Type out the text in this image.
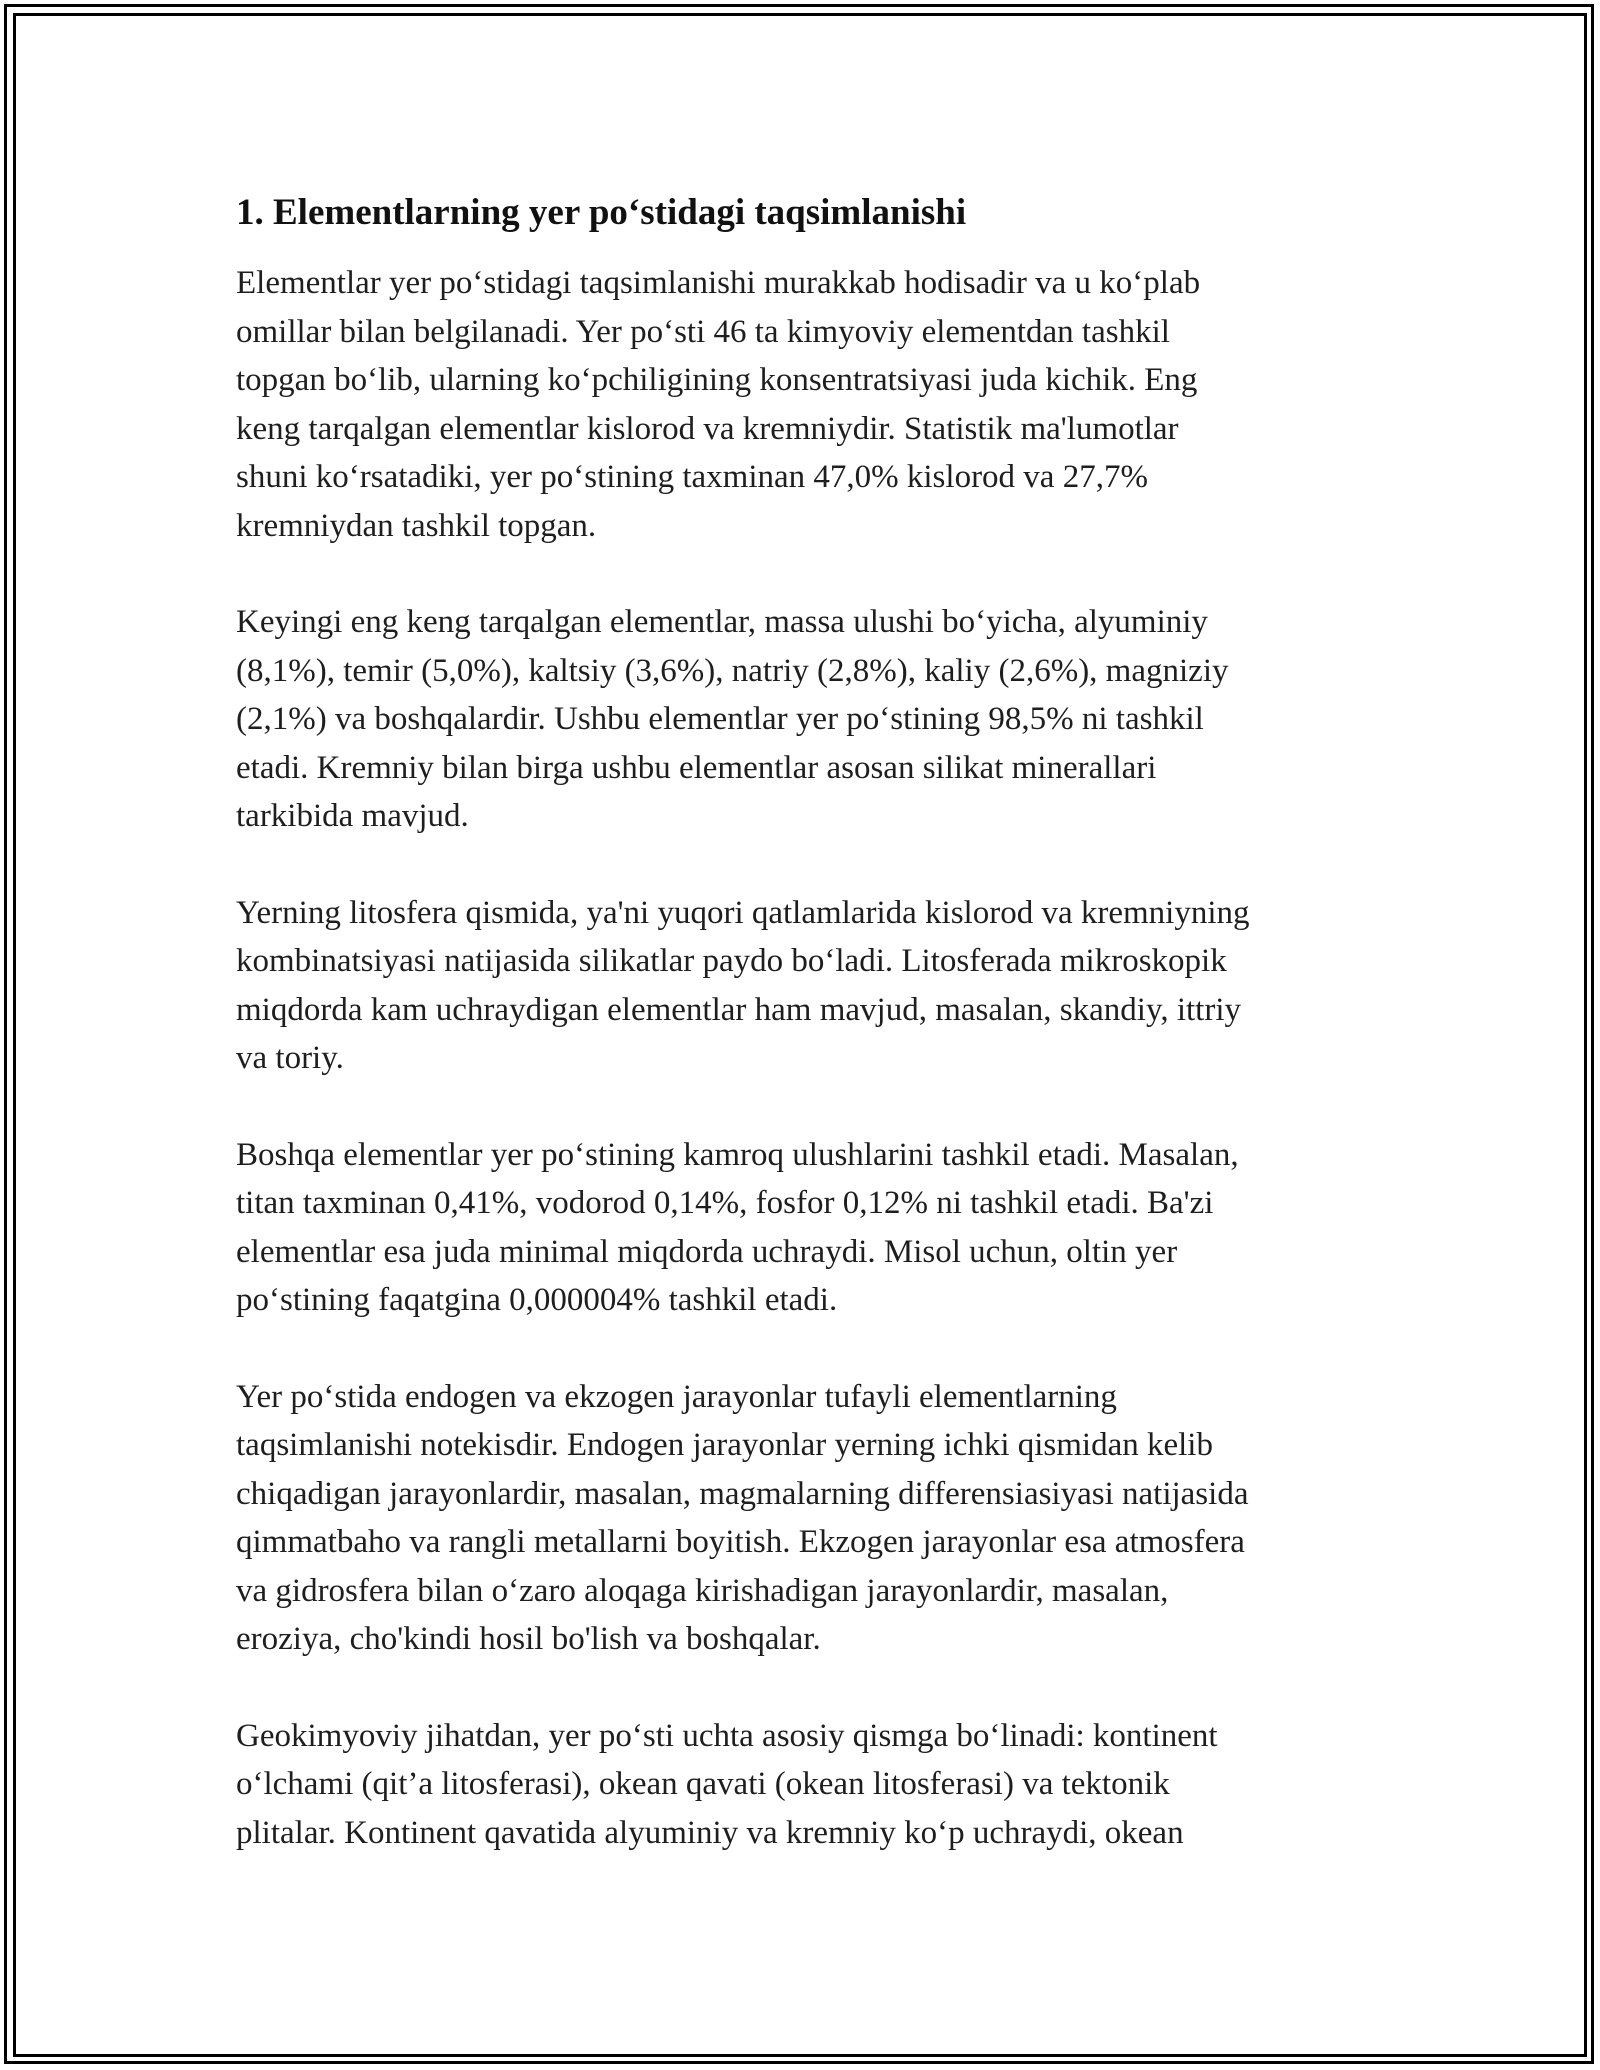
1. Elementlarning yer po‘stidagi taqsimlanishi

Elementlar yer po‘stidagi taqsimlanishi murakkab hodisadir va u ko‘plab
omillar bilan belgilanadi. Yer po‘sti 46 ta kimyoviy elementdan tashkil
topgan bo‘lib, ularning ko‘pchiligining konsentratsiyasi juda kichik. Eng
keng tarqalgan elementlar kislorod va kremniydir. Statistik ma'lumotlar
shuni ko‘rsatadiki, yer po‘stining taxminan 47,0% kislorod va 27,7%
kremniydan tashkil topgan.

Keyingi eng keng tarqalgan elementlar, massa ulushi bo‘yicha, alyuminiy
(8,1%), temir (5,0%), kaltsiy (3,6%), natriy (2,8%), kaliy (2,6%), magniziy
(2,1%) va boshqalardir. Ushbu elementlar yer po‘stining 98,5% ni tashkil
etadi. Kremniy bilan birga ushbu elementlar asosan silikat minerallari
tarkibida mavjud.

Yerning litosfera qismida, ya'ni yuqori qatlamlarida kislorod va kremniyning
kombinatsiyasi natijasida silikatlar paydo bo‘ladi. Litosferada mikroskopik
miqdorda kam uchraydigan elementlar ham mavjud, masalan, skandiy, ittriy
va toriy.

Boshqa elementlar yer po‘stining kamroq ulushlarini tashkil etadi. Masalan,
titan taxminan 0,41%, vodorod 0,14%, fosfor 0,12% ni tashkil etadi. Ba'zi
elementlar esa juda minimal miqdorda uchraydi. Misol uchun, oltin yer
po‘stining faqatgina 0,000004% tashkil etadi.

Yer po‘stida endogen va ekzogen jarayonlar tufayli elementlarning
taqsimlanishi notekisdir. Endogen jarayonlar yerning ichki qismidan kelib
chiqadigan jarayonlardir, masalan, magmalarning differensiasiyasi natijasida
qimmatbaho va rangli metallarni boyitish. Ekzogen jarayonlar esa atmosfera
va gidrosfera bilan o‘zaro aloqaga kirishadigan jarayonlardir, masalan,
eroziya, cho'kindi hosil bo'lish va boshqalar.

Geokimyoviy jihatdan, yer po‘sti uchta asosiy qismga bo‘linadi: kontinent
o‘lchami (qit’a litosferasi), okean qavati (okean litosferasi) va tektonik
plitalar. Kontinent qavatida alyuminiy va kremniy ko‘p uchraydi, okean
